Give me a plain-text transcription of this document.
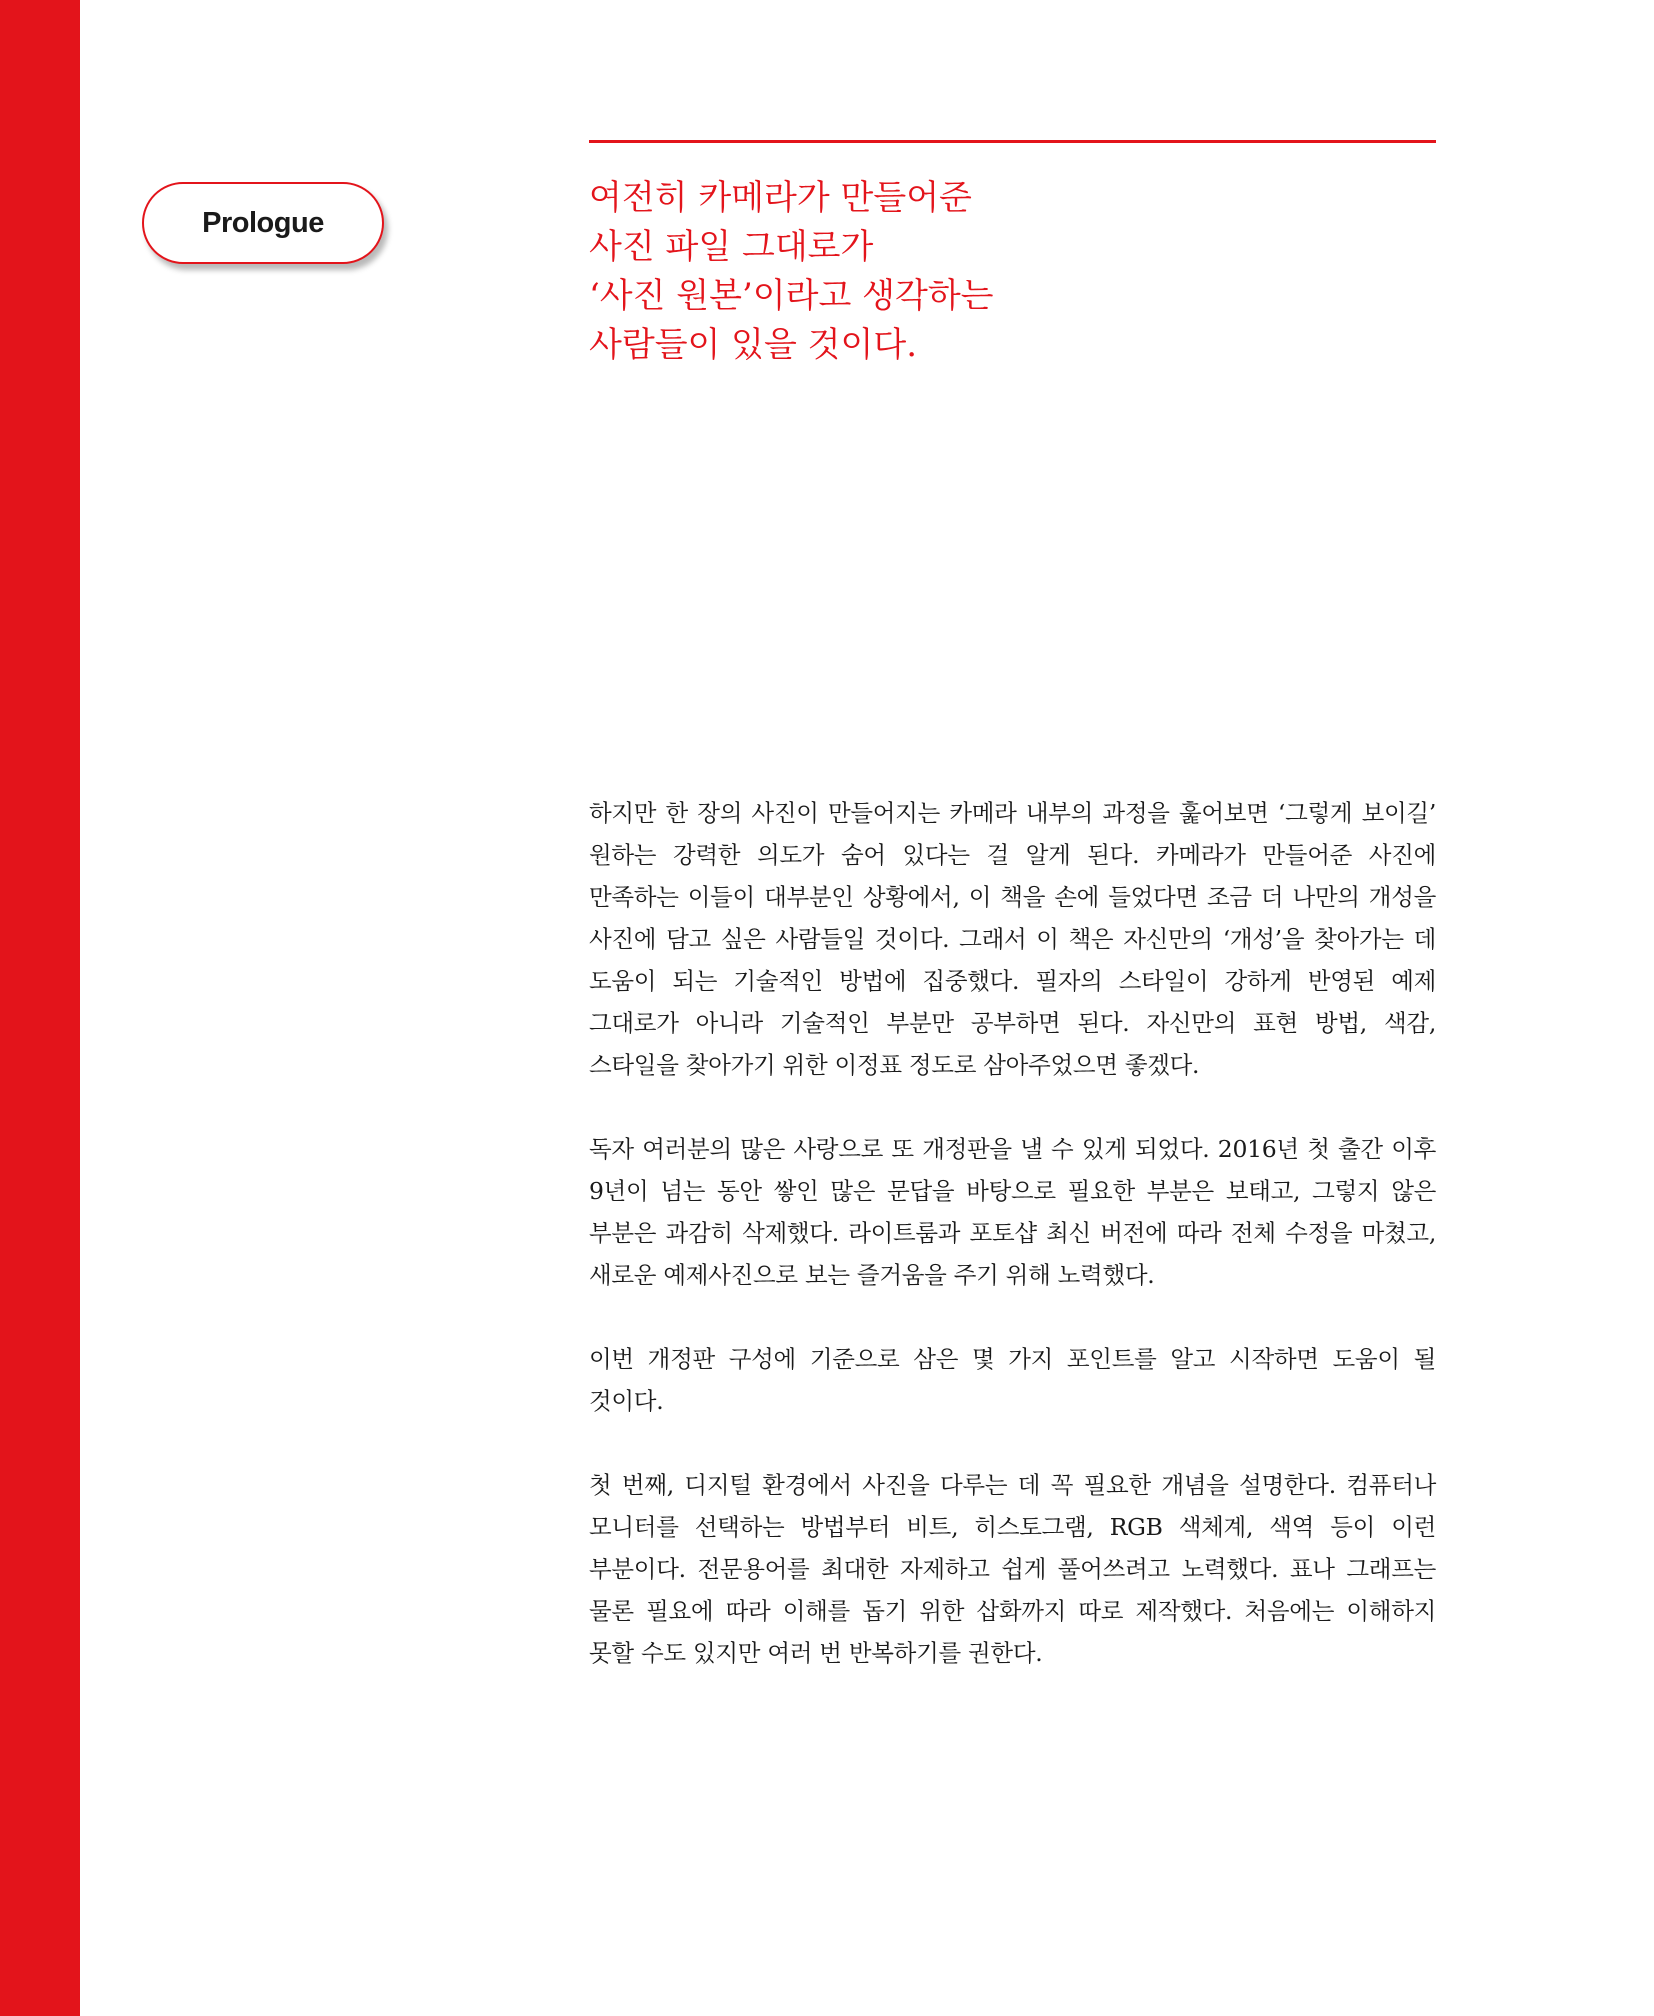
Prologue
여전히 카메라가 만들어준
사진 파일 그대로가
‘사진 원본’이라고 생각하는
사람들이 있을 것이다.

하지만 한 장의 사진이 만들어지는 카메라 내부의 과정을 훑어보면 ‘그렇게 보이길’ 원하는 강력한 의도가 숨어 있다는 걸 알게 된다. 카메라가 만들어준 사진에 만족하는 이들이 대부분인 상황에서, 이 책을 손에 들었다면 조금 더 나만의 개성을 사진에 담고 싶은 사람들일 것이다. 그래서 이 책은 자신만의 ‘개성’을 찾아가는 데 도움이 되는 기술적인 방법에 집중했다. 필자의 스타일이 강하게 반영된 예제 그대로가 아니라 기술적인 부분만 공부하면 된다. 자신만의 표현 방법, 색감, 스타일을 찾아가기 위한 이정표 정도로 삼아주었으면 좋겠다.

독자 여러분의 많은 사랑으로 또 개정판을 낼 수 있게 되었다. 2016년 첫 출간 이후 9년이 넘는 동안 쌓인 많은 문답을 바탕으로 필요한 부분은 보태고, 그렇지 않은 부분은 과감히 삭제했다. 라이트룸과 포토샵 최신 버전에 따라 전체 수정을 마쳤고, 새로운 예제사진으로 보는 즐거움을 주기 위해 노력했다.

이번 개정판 구성에 기준으로 삼은 몇 가지 포인트를 알고 시작하면 도움이 될 것이다.

첫 번째, 디지털 환경에서 사진을 다루는 데 꼭 필요한 개념을 설명한다. 컴퓨터나 모니터를 선택하는 방법부터 비트, 히스토그램, RGB 색체계, 색역 등이 이런 부분이다. 전문용어를 최대한 자제하고 쉽게 풀어쓰려고 노력했다. 표나 그래프는 물론 필요에 따라 이해를 돕기 위한 삽화까지 따로 제작했다. 처음에는 이해하지 못할 수도 있지만 여러 번 반복하기를 권한다.
